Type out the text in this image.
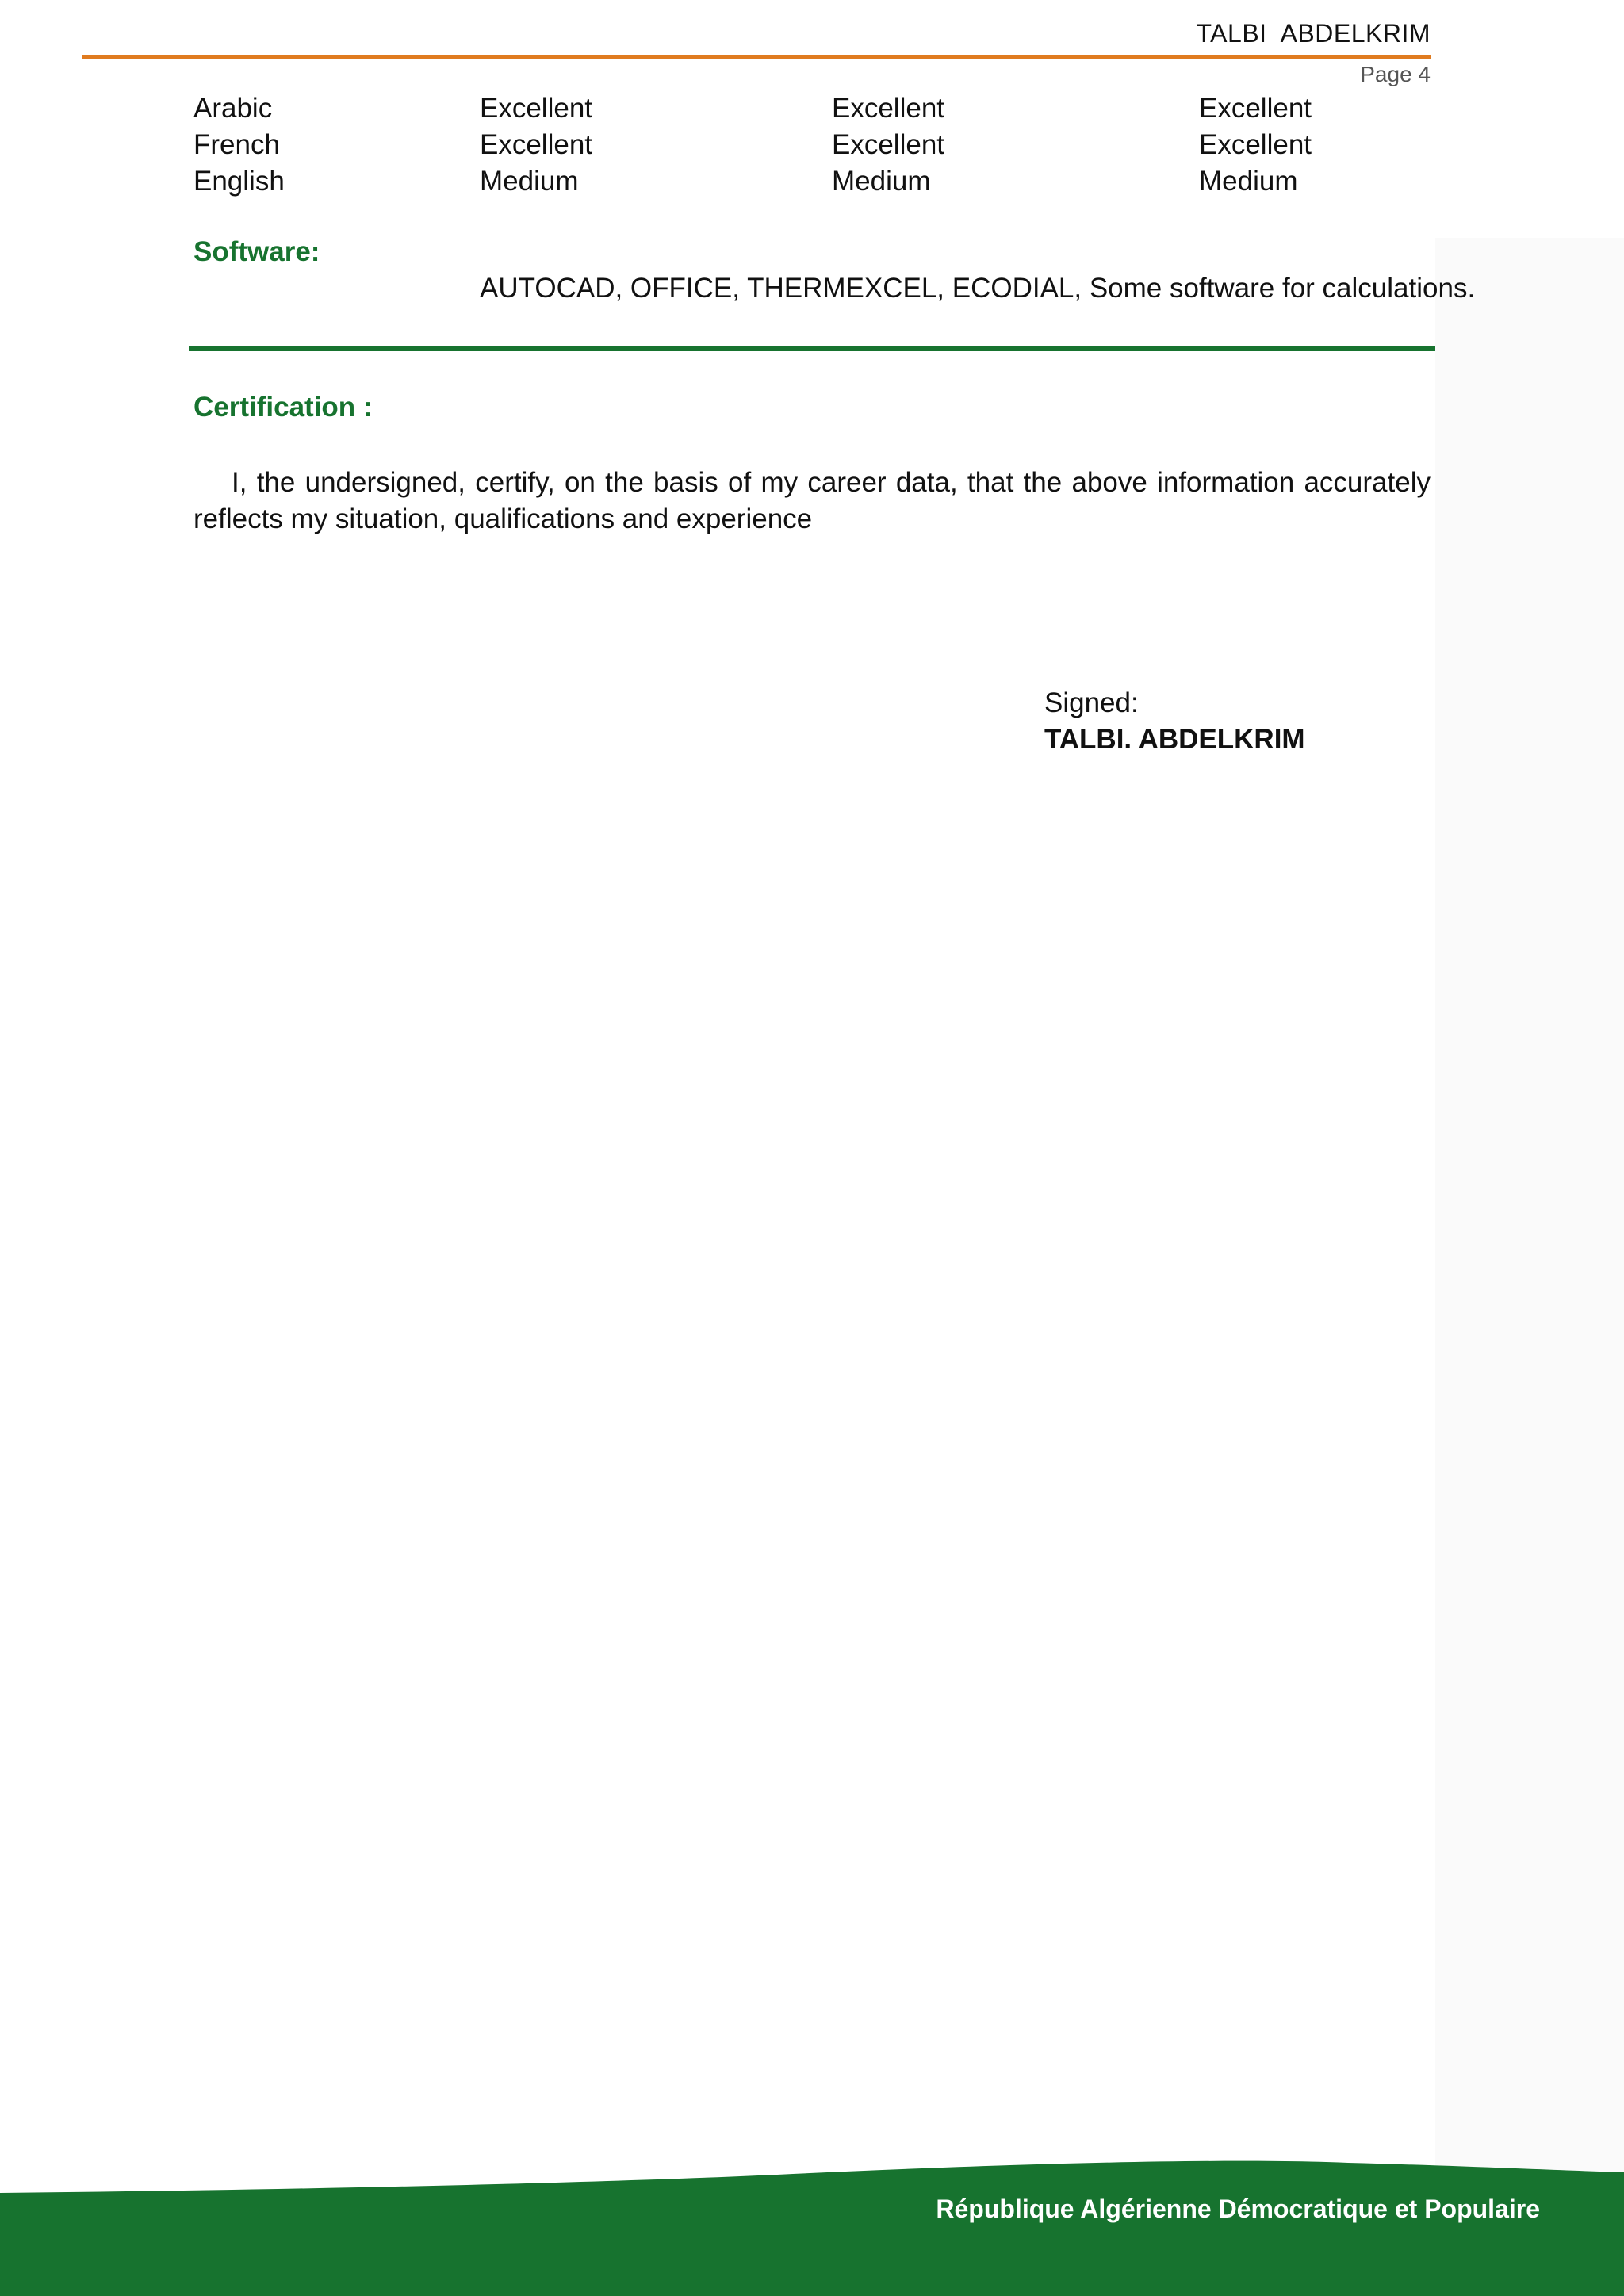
TALBI  ABDELKRIM
Page 4
Arabic	Excellent	Excellent	Excellent
French	Excellent	Excellent	Excellent
English	Medium	Medium	Medium
Software:
AUTOCAD, OFFICE, THERMEXCEL, ECODIAL, Some software for calculations.
Certification :
I, the undersigned, certify, on the basis of my career data, that the above information accurately reflects my situation, qualifications and experience
Signed:
TALBI. ABDELKRIM
République Algérienne Démocratique et Populaire
